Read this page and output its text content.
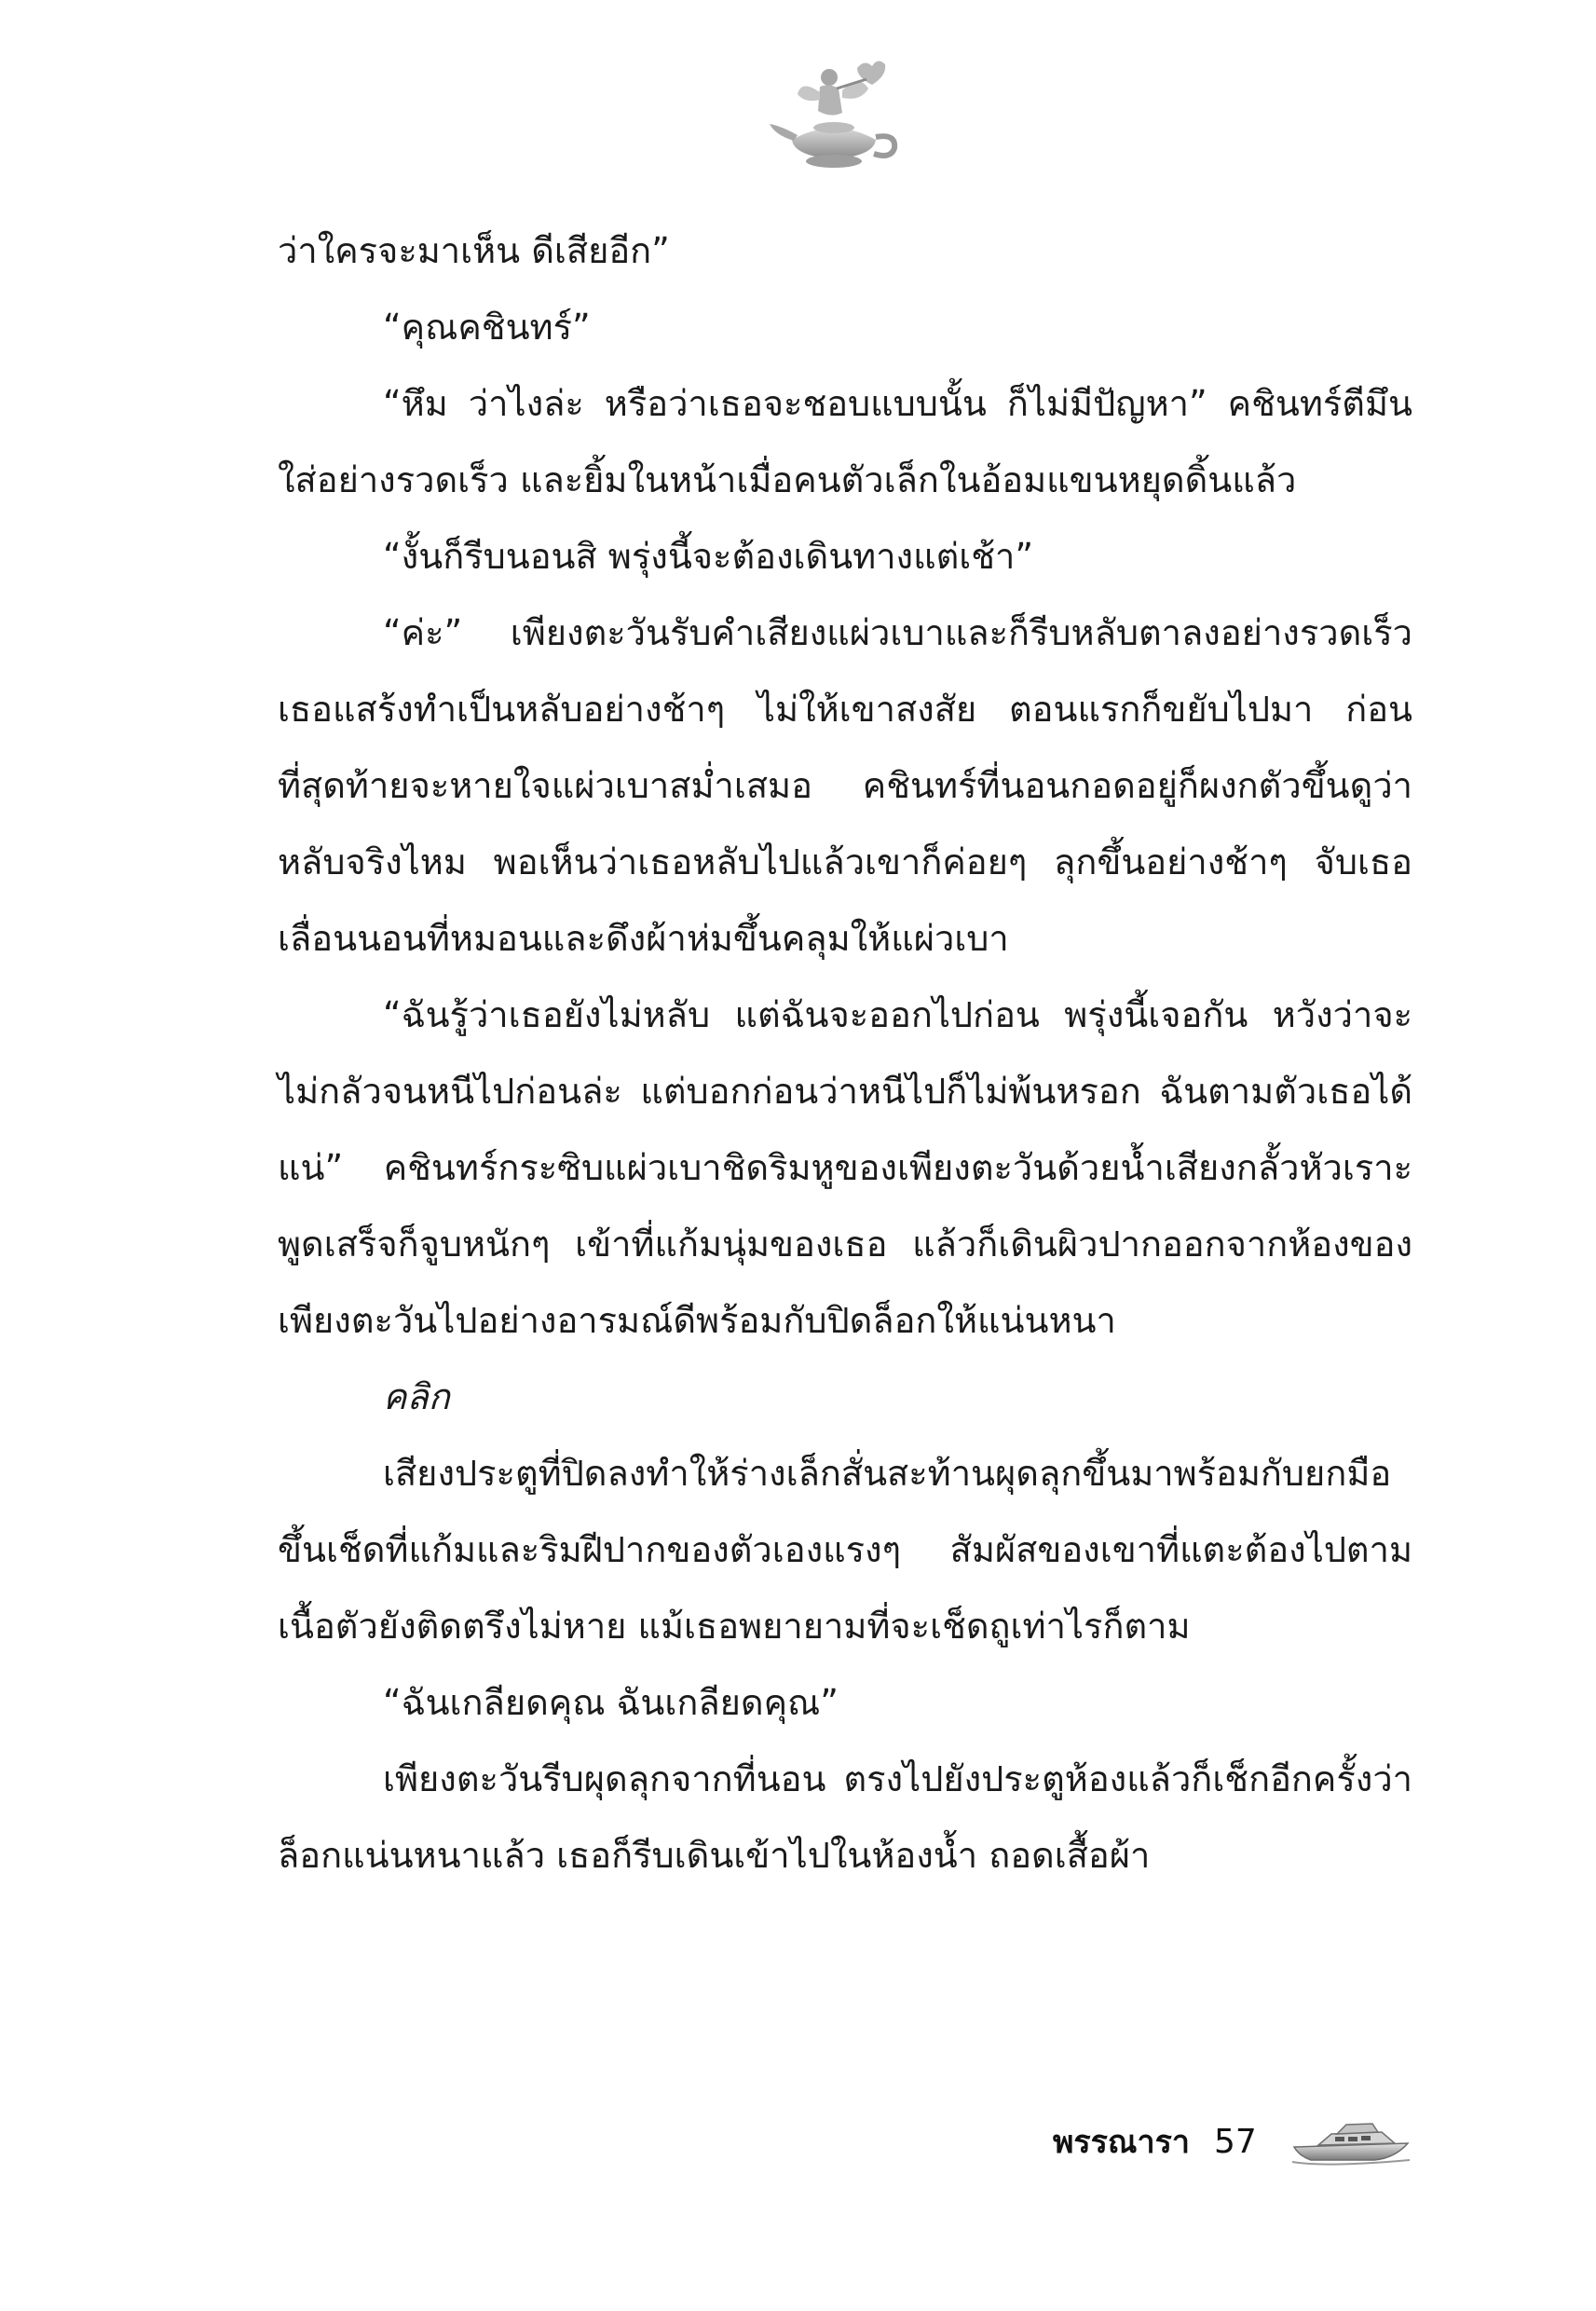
ว่าใครจะมาเห็น ดีเสียอีก”

“คุณคชินทร์”

“หึม ว่าไงล่ะ หรือว่าเธอจะชอบแบบนั้น ก็ไม่มีปัญหา” คชินทร์ตีมึนใส่อย่างรวดเร็ว และยิ้มในหน้าเมื่อคนตัวเล็กในอ้อมแขนหยุดดิ้นแล้ว

“งั้นก็รีบนอนสิ พรุ่งนี้จะต้องเดินทางแต่เช้า”

“ค่ะ” เพียงตะวันรับคำเสียงแผ่วเบาและก็รีบหลับตาลงอย่างรวดเร็ว เธอแสร้งทำเป็นหลับอย่างช้าๆ ไม่ให้เขาสงสัย ตอนแรกก็ขยับไปมา ก่อนที่สุดท้ายจะหายใจแผ่วเบาสม่ำเสมอ คชินทร์ที่นอนกอดอยู่ก็ผงกตัวขึ้นดูว่าหลับจริงไหม พอเห็นว่าเธอหลับไปแล้วเขาก็ค่อยๆ ลุกขึ้นอย่างช้าๆ จับเธอเลื่อนนอนที่หมอนและดึงผ้าห่มขึ้นคลุมให้แผ่วเบา

“ฉันรู้ว่าเธอยังไม่หลับ แต่ฉันจะออกไปก่อน พรุ่งนี้เจอกัน หวังว่าจะไม่กลัวจนหนีไปก่อนล่ะ แต่บอกก่อนว่าหนีไปก็ไม่พ้นหรอก ฉันตามตัวเธอได้แน่” คชินทร์กระซิบแผ่วเบาชิดริมหูของเพียงตะวันด้วยน้ำเสียงกลั้วหัวเราะ พูดเสร็จก็จูบหนักๆ เข้าที่แก้มนุ่มของเธอ แล้วก็เดินผิวปากออกจากห้องของเพียงตะวันไปอย่างอารมณ์ดีพร้อมกับปิดล็อกให้แน่นหนา

คลิก

เสียงประตูที่ปิดลงทำให้ร่างเล็กสั่นสะท้านผุดลุกขึ้นมาพร้อมกับยกมือขึ้นเช็ดที่แก้มและริมฝีปากของตัวเองแรงๆ สัมผัสของเขาที่แตะต้องไปตามเนื้อตัวยังติดตรึงไม่หาย แม้เธอพยายามที่จะเช็ดถูเท่าไรก็ตาม

“ฉันเกลียดคุณ ฉันเกลียดคุณ”

เพียงตะวันรีบผุดลุกจากที่นอน ตรงไปยังประตูห้องแล้วก็เช็กอีกครั้งว่าล็อกแน่นหนาแล้ว เธอก็รีบเดินเข้าไปในห้องน้ำ ถอดเสื้อผ้า

พรรณารา 57
